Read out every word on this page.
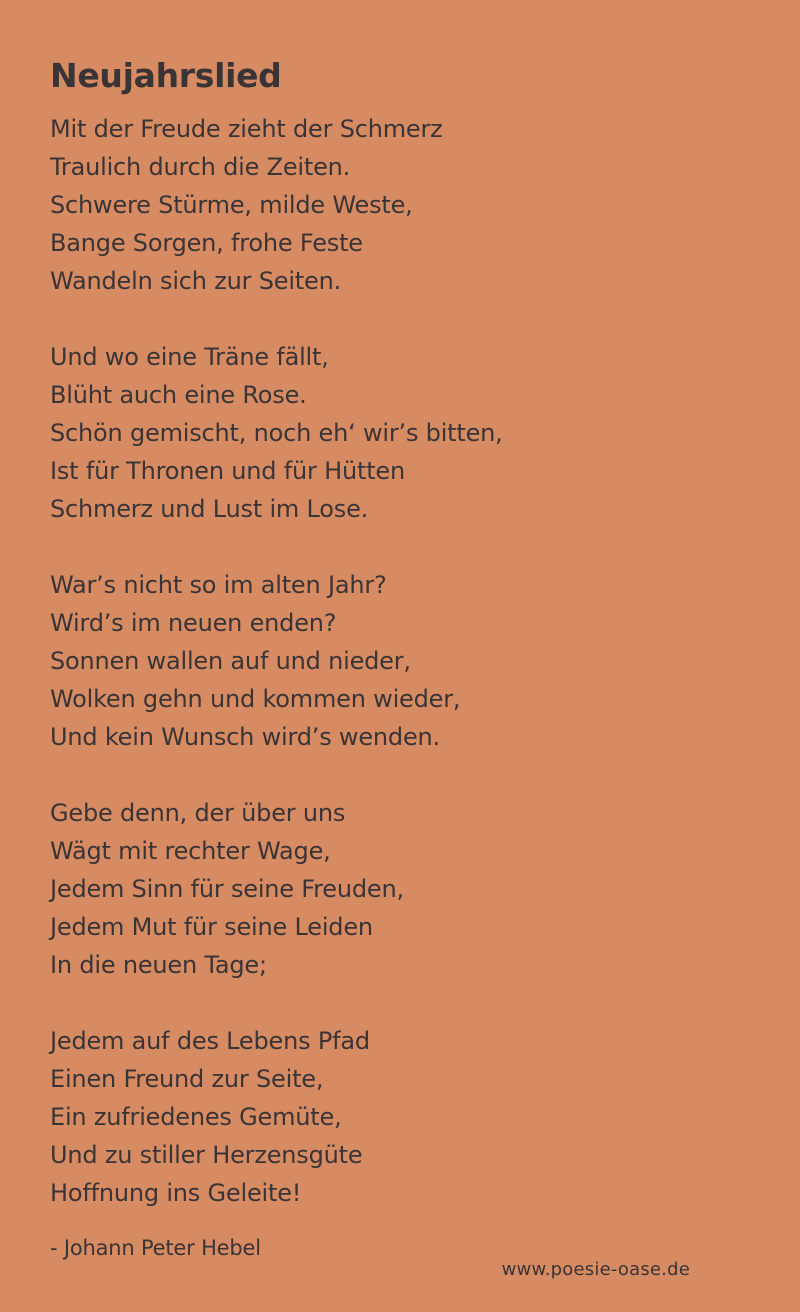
Neujahrslied
Mit der Freude zieht der Schmerz
Traulich durch die Zeiten.
Schwere Stürme, milde Weste,
Bange Sorgen, frohe Feste
Wandeln sich zur Seiten.
Und wo eine Träne fällt,
Blüht auch eine Rose.
Schön gemischt, noch eh‘ wir’s bitten,
Ist für Thronen und für Hütten
Schmerz und Lust im Lose.
War’s nicht so im alten Jahr?
Wird’s im neuen enden?
Sonnen wallen auf und nieder,
Wolken gehn und kommen wieder,
Und kein Wunsch wird’s wenden.
Gebe denn, der über uns
Wägt mit rechter Wage,
Jedem Sinn für seine Freuden,
Jedem Mut für seine Leiden
In die neuen Tage;
Jedem auf des Lebens Pfad
Einen Freund zur Seite,
Ein zufriedenes Gemüte,
Und zu stiller Herzensgüte
Hoffnung ins Geleite!
- Johann Peter Hebel
www.poesie-oase.de
